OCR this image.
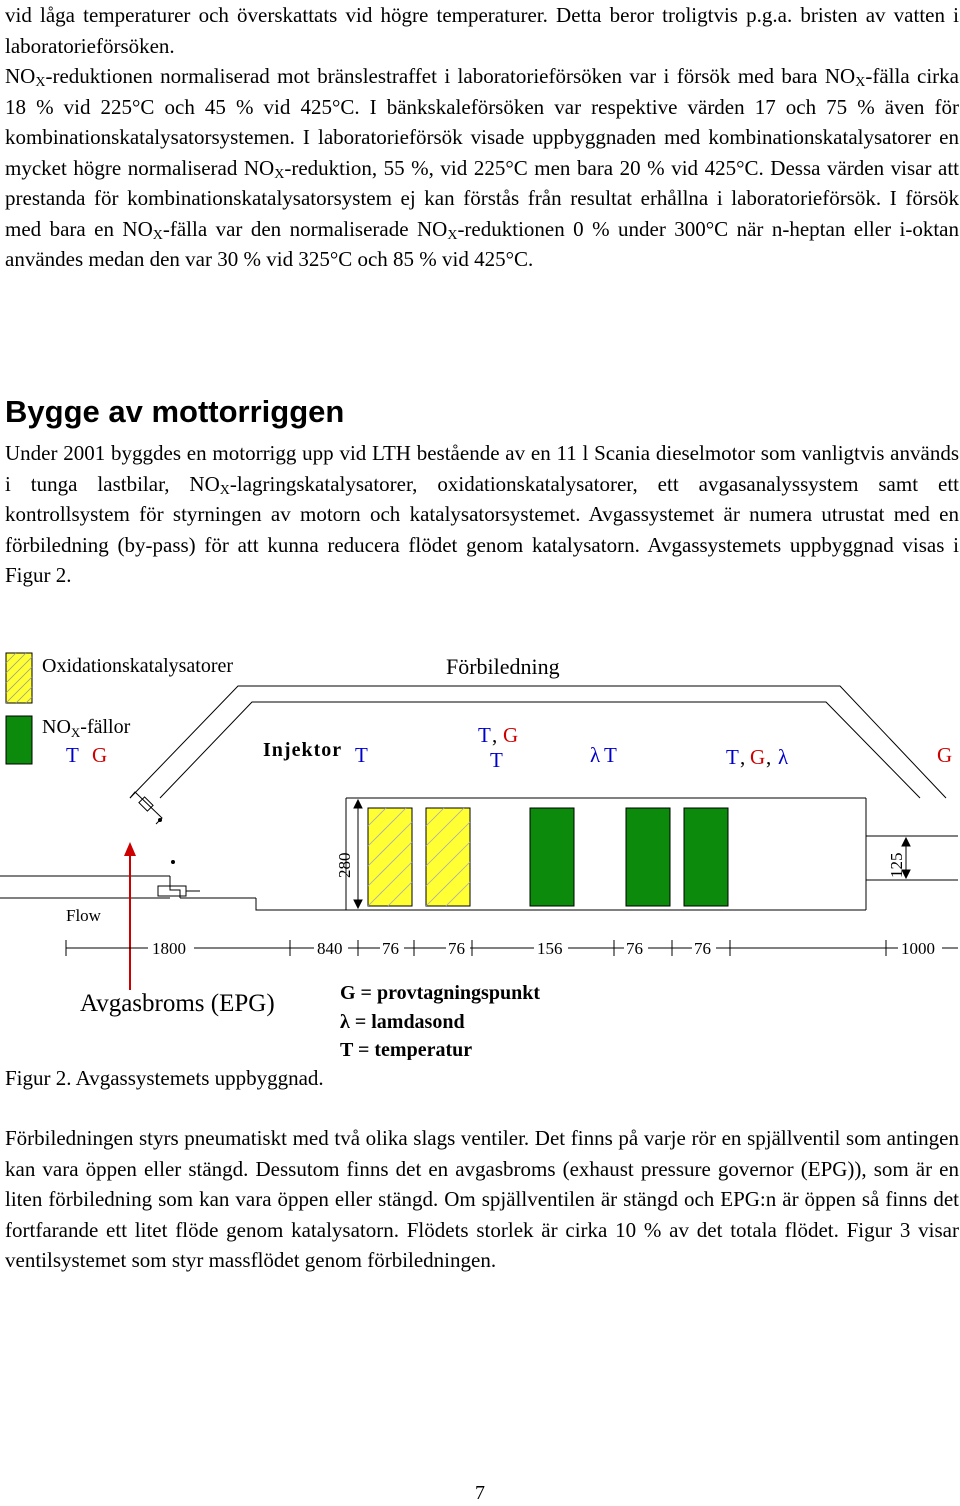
vid låga temperaturer och överskattats vid högre temperaturer. Detta beror troligtvis p.g.a. bristen av vatten i laboratorieförsöken.
$NO_X$-reduktionen normaliserad mot bränslestraffet i laboratorieförsöken var i försök med bara $NO_X$-fälla cirka 18 % vid 225°C och 45 % vid 425°C. I bänkskaleförsöken var respektive värden 17 och 75 % även för kombinationskatalysatorsystemen. I laboratorieförsök visade uppbyggnaden med kombinationskatalysatorer en mycket högre normaliserad $NO_X$-reduktion, 55 %, vid 225°C men bara 20 % vid 425°C. Dessa värden visar att prestanda för kombinationskatalysatorsystem ej kan förstås från resultat erhållna i laboratorieförsök. I försök med bara en $NO_X$-fälla var den normaliserade $NO_X$-reduktionen 0 % under 300°C när n-heptan eller i-oktan användes medan den var 30 % vid 325°C och 85 % vid 425°C.

Bygge av mottorriggen

Under 2001 byggdes en motorrigg upp vid LTH bestående av en 11 l Scania dieselmotor som vanligtvis används i tunga lastbilar, $NO_X$-lagringskatalysatorer, oxidationskatalysatorer, ett avgasanalyssystem samt ett kontrollsystem för styrningen av motorn och katalysatorsystemet. Avgassystemet är numera utrustat med en förbiledning (by-pass) för att kunna reducera flödet genom katalysatorn. Avgassystemets uppbyggnad visas i Figur 2.

Oxidationskatalysatorer
$NO_X$-fällor
Förbiledning
T G	Injektor T
T , G
T	λ T	T , G , λ	G
Flow
280	125
1800	840 76	76	156	76	76	1000
Avgasbroms (EPG)	G = provtagningspunkt
λ = lamdasond
T = temperatur

Figur 2. Avgassystemets uppbyggnad.

Förbiledningen styrs pneumatiskt med två olika slags ventiler. Det finns på varje rör en spjällventil som antingen kan vara öppen eller stängd. Dessutom finns det en avgasbroms (exhaust pressure governor (EPG)), som är en liten förbiledning som kan vara öppen eller stängd. Om spjällventilen är stängd och EPG:n är öppen så finns det fortfarande ett litet flöde genom katalysatorn. Flödets storlek är cirka 10 % av det totala flödet. Figur 3 visar ventilsystemet som styr massflödet genom förbiledningen.

7
